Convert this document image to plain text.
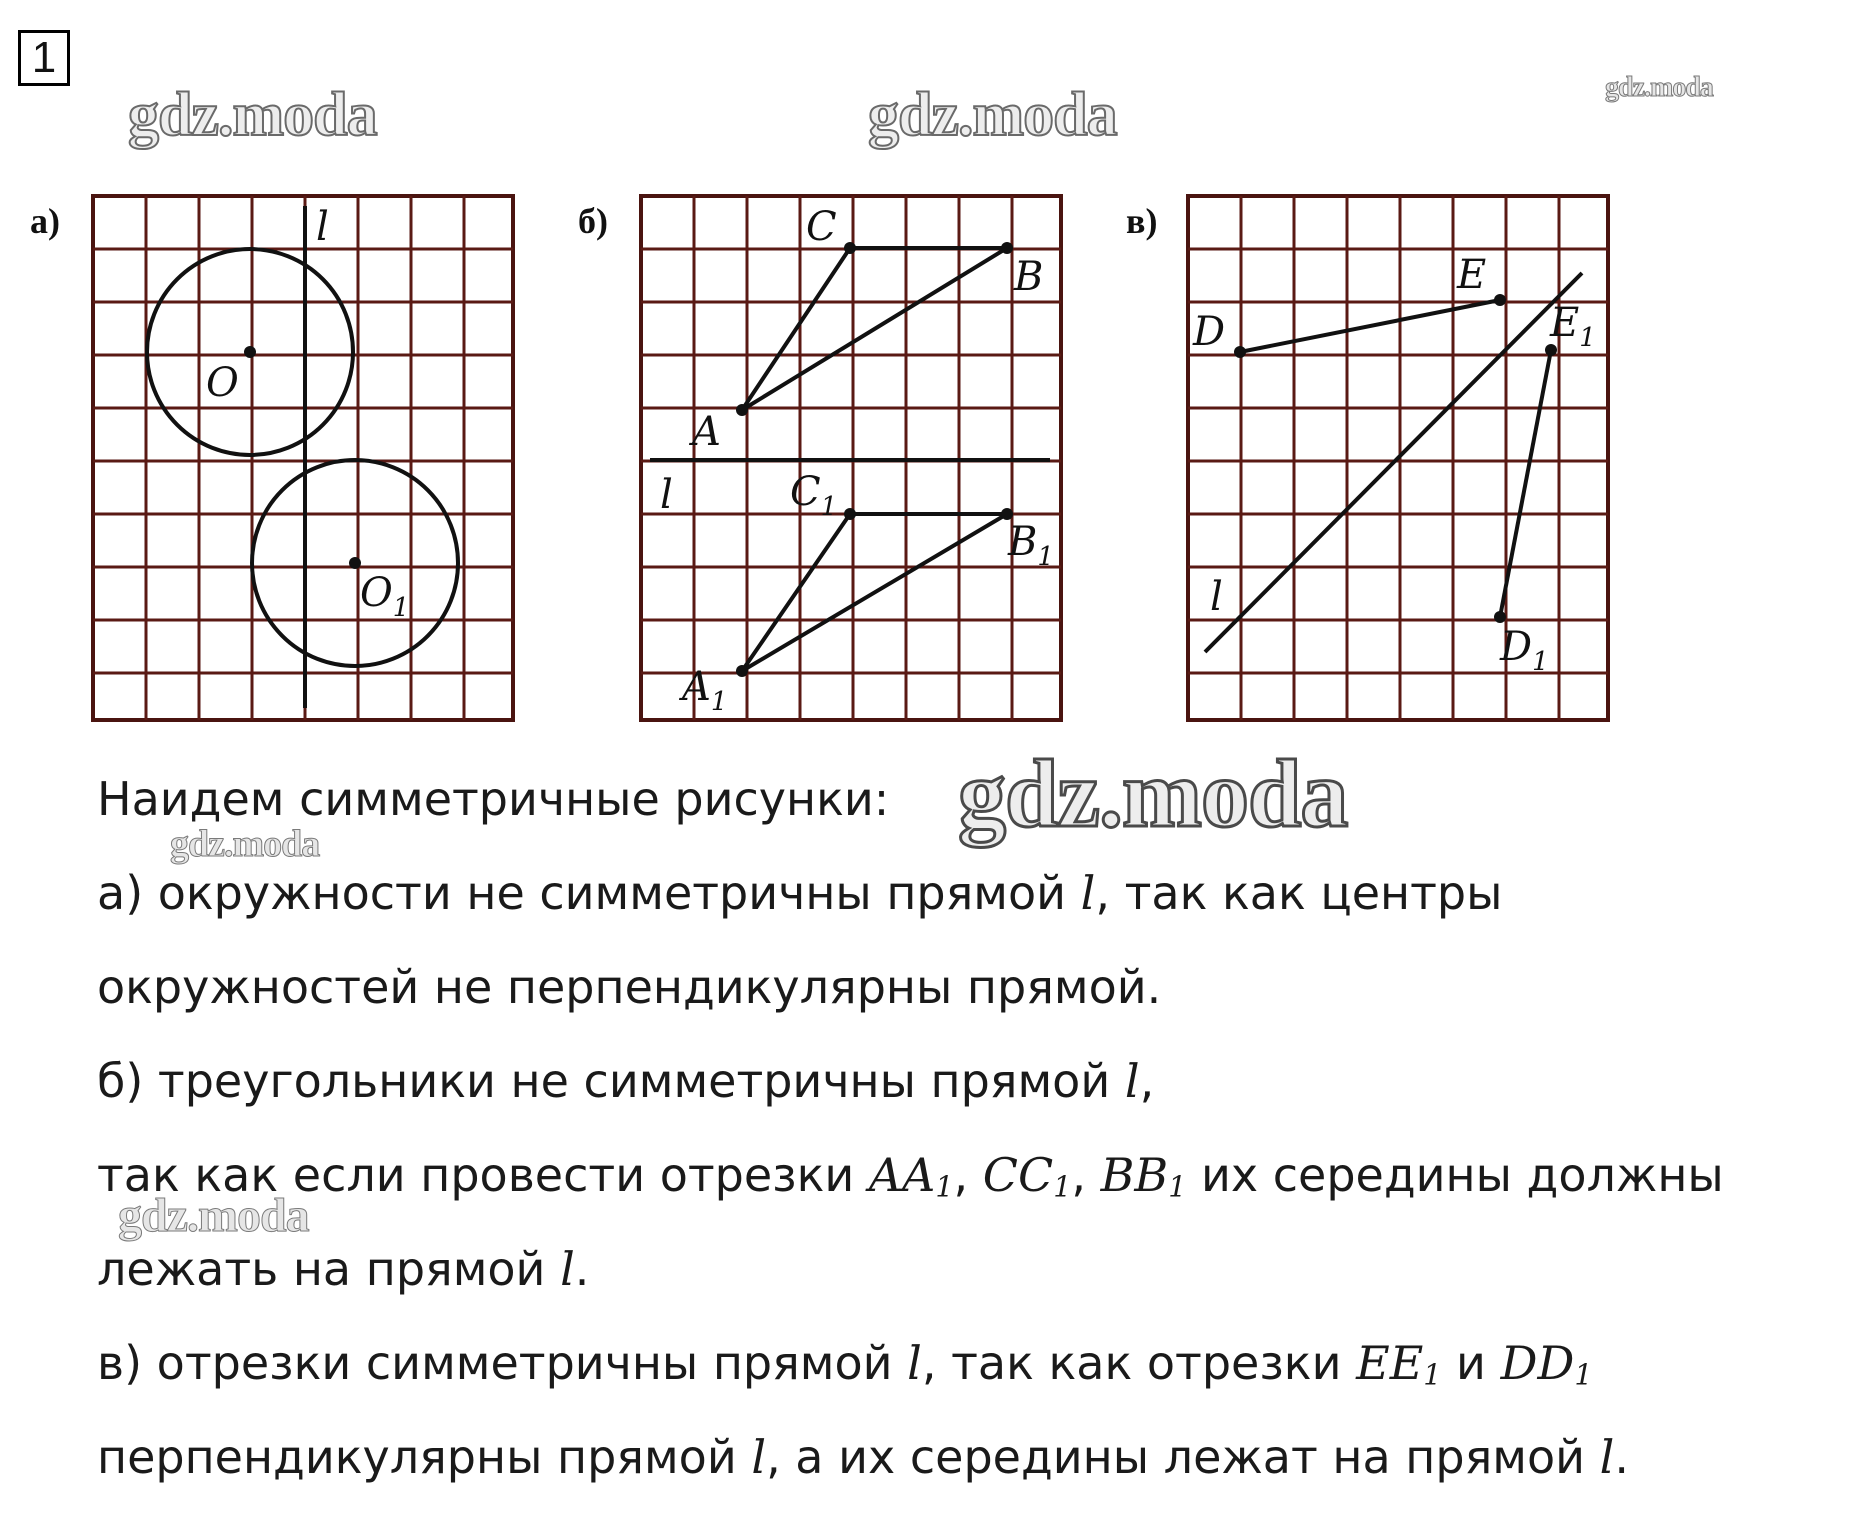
1
а)	l
O
$O_1$
б)	C
B
A
l	$C_1$
$B_1$
$A_1$
в)
D
E
$E_1$
l
$D_1$
Наидем симметричные рисунки:
а) окружности не симметричны прямой l, так как центры
окружностей не перпендикулярны прямой.
б) треугольники не симметричны прямой l,
так как если провести отрезки $AA_1$, $CC_1$, $BB_1$ их середины должны
лежать на прямой l.
в) отрезки симметричны прямой l, так как отрезки $EE_1$ и $DD_1$
перпендикулярны прямой l, а их середины лежат на прямой l.
gdz.moda	gdz.moda	gdz.moda
gdz.moda
gdz.moda
gdz.moda
